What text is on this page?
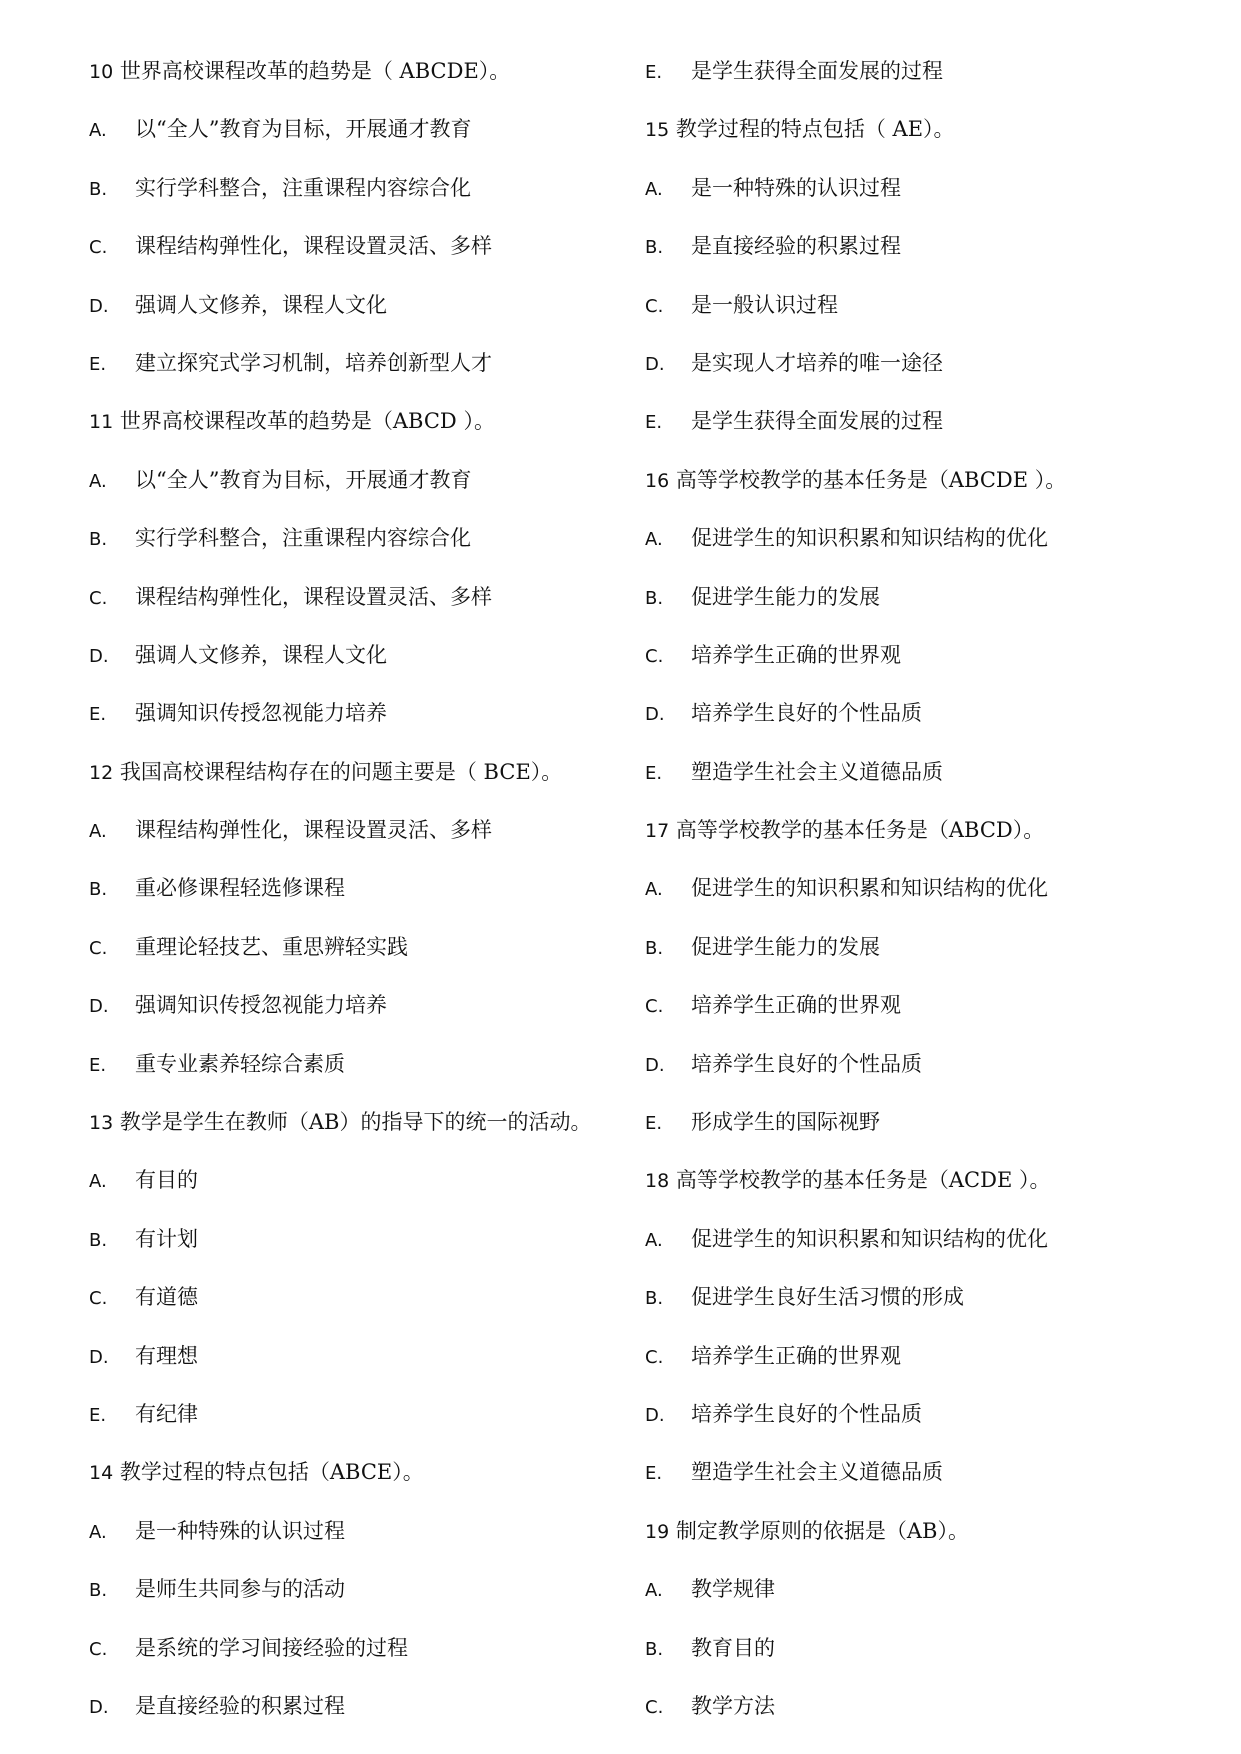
10 世界高校课程改革的趋势是（ ABCDE）。
A. 以“全人”教育为目标，开展通才教育
B. 实行学科整合，注重课程内容综合化
C. 课程结构弹性化，课程设置灵活、多样
D. 强调人文修养，课程人文化
E. 建立探究式学习机制，培养创新型人才
11 世界高校课程改革的趋势是（ABCD ）。
A. 以“全人”教育为目标，开展通才教育
B. 实行学科整合，注重课程内容综合化
C. 课程结构弹性化，课程设置灵活、多样
D. 强调人文修养，课程人文化
E. 强调知识传授忽视能力培养
12 我国高校课程结构存在的问题主要是（ BCE）。
A. 课程结构弹性化，课程设置灵活、多样
B. 重必修课程轻选修课程
C. 重理论轻技艺、重思辨轻实践
D. 强调知识传授忽视能力培养
E. 重专业素养轻综合素质
13 教学是学生在教师（AB）的指导下的统一的活动。
A. 有目的
B. 有计划
C. 有道德
D. 有理想
E. 有纪律
14 教学过程的特点包括（ABCE）。
A. 是一种特殊的认识过程
B. 是师生共同参与的活动
C. 是系统的学习间接经验的过程
D. 是直接经验的积累过程
E. 是学生获得全面发展的过程
15 教学过程的特点包括（ AE）。
A. 是一种特殊的认识过程
B. 是直接经验的积累过程
C. 是一般认识过程
D. 是实现人才培养的唯一途径
E. 是学生获得全面发展的过程
16 高等学校教学的基本任务是（ABCDE ）。
A. 促进学生的知识积累和知识结构的优化
B. 促进学生能力的发展
C. 培养学生正确的世界观
D. 培养学生良好的个性品质
E. 塑造学生社会主义道德品质
17 高等学校教学的基本任务是（ABCD）。
A. 促进学生的知识积累和知识结构的优化
B. 促进学生能力的发展
C. 培养学生正确的世界观
D. 培养学生良好的个性品质
E. 形成学生的国际视野
18 高等学校教学的基本任务是（ACDE ）。
A. 促进学生的知识积累和知识结构的优化
B. 促进学生良好生活习惯的形成
C. 培养学生正确的世界观
D. 培养学生良好的个性品质
E. 塑造学生社会主义道德品质
19 制定教学原则的依据是（AB）。
A. 教学规律
B. 教育目的
C. 教学方法
